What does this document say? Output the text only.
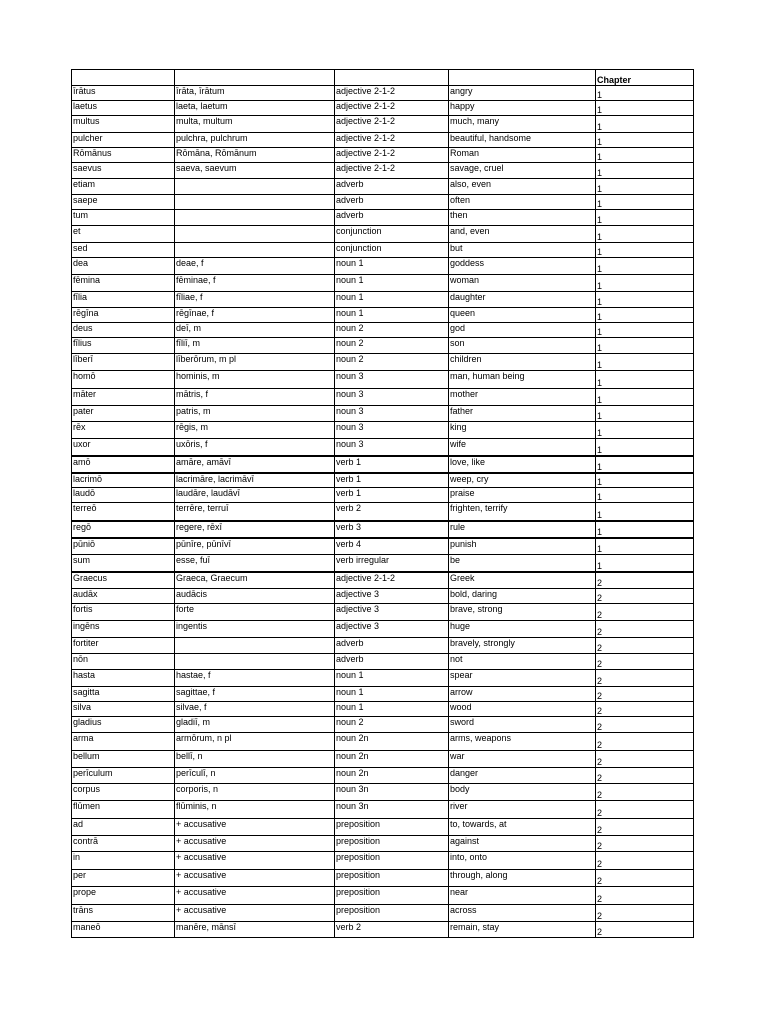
				Chapter
īrātus	īrāta, īrātum	adjective 2-1-2	angry	1
laetus	laeta, laetum	adjective 2-1-2	happy	1
multus	multa, multum	adjective 2-1-2	much, many	1
pulcher	pulchra, pulchrum	adjective 2-1-2	beautiful, handsome	1
Rōmānus	Rōmāna, Rōmānum	adjective 2-1-2	Roman	1
saevus	saeva, saevum	adjective 2-1-2	savage, cruel	1
etiam		adverb	also, even	1
saepe		adverb	often	1
tum		adverb	then	1
et		conjunction	and, even	1
sed		conjunction	but	1
dea	deae, f	noun 1	goddess	1
fēmina	fēminae, f	noun 1	woman	1
fīlia	fīliae, f	noun 1	daughter	1
rēgīna	rēgīnae, f	noun 1	queen	1
deus	deī, m	noun 2	god	1
fīlius	fīliī, m	noun 2	son	1
līberī	līberōrum, m pl	noun 2	children	1
homō	hominis, m	noun 3	man, human being	1
māter	mātris, f	noun 3	mother	1
pater	patris, m	noun 3	father	1
rēx	rēgis, m	noun 3	king	1
uxor	uxōris, f	noun 3	wife	1
amō	amāre, amāvī	verb 1	love, like	1
lacrimō	lacrimāre, lacrimāvī	verb 1	weep, cry	1
laudō	laudāre, laudāvī	verb 1	praise	1
terreō	terrēre, terruī	verb 2	frighten, terrify	1
regō	regere, rēxī	verb 3	rule	1
pūniō	pūnīre, pūnīvī	verb 4	punish	1
sum	esse, fuī	verb irregular	be	1
Graecus	Graeca, Graecum	adjective 2-1-2	Greek	2
audāx	audācis	adjective 3	bold, daring	2
fortis	forte	adjective 3	brave, strong	2
ingēns	ingentis	adjective 3	huge	2
fortiter		adverb	bravely, strongly	2
nōn		adverb	not	2
hasta	hastae, f	noun 1	spear	2
sagitta	sagittae, f	noun 1	arrow	2
silva	silvae, f	noun 1	wood	2
gladius	gladiī, m	noun 2	sword	2
arma	armōrum, n pl	noun 2n	arms, weapons	2
bellum	bellī, n	noun 2n	war	2
perīculum	perīculī, n	noun 2n	danger	2
corpus	corporis, n	noun 3n	body	2
flūmen	flūminis, n	noun 3n	river	2
ad	+ accusative	preposition	to, towards, at	2
contrā	+ accusative	preposition	against	2
in	+ accusative	preposition	into, onto	2
per	+ accusative	preposition	through, along	2
prope	+ accusative	preposition	near	2
trāns	+ accusative	preposition	across	2
maneō	manēre, mānsī	verb 2	remain, stay	2
